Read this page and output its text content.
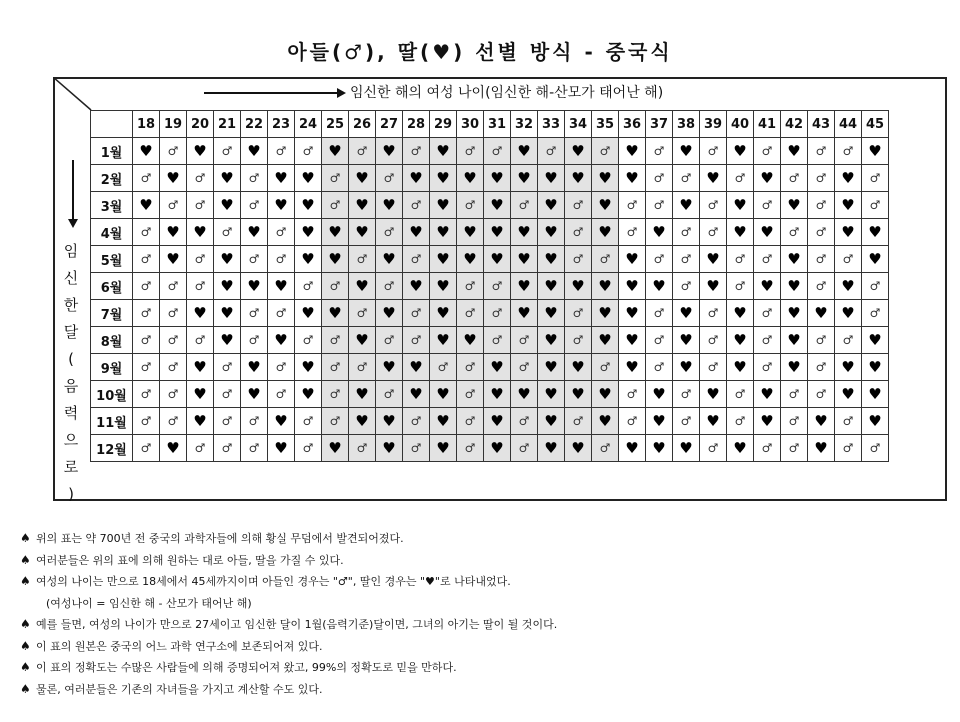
아들(♂), 딸(♥) 선별 방식 - 중국식
임신한 해의 여성 나이(임신한 해-산모가 태어난 해)
임
신
한
달
(
음
력
으
로
)
	18	19	20	21	22	23	24	25	26	27	28	29	30	31	32	33	34	35	36	37	38	39	40	41	42	43	44	45
1월	♥	♂	♥	♂	♥	♂	♂	♥	♂	♥	♂	♥	♂	♂	♥	♂	♥	♂	♥	♂	♥	♂	♥	♂	♥	♂	♂	♥
2월	♂	♥	♂	♥	♂	♥	♥	♂	♥	♂	♥	♥	♥	♥	♥	♥	♥	♥	♥	♂	♂	♥	♂	♥	♂	♂	♥	♂
3월	♥	♂	♂	♥	♂	♥	♥	♂	♥	♥	♂	♥	♂	♥	♂	♥	♂	♥	♂	♂	♥	♂	♥	♂	♥	♂	♥	♂
4월	♂	♥	♥	♂	♥	♂	♥	♥	♥	♂	♥	♥	♥	♥	♥	♥	♂	♥	♂	♥	♂	♂	♥	♥	♂	♂	♥	♥
5월	♂	♥	♂	♥	♂	♂	♥	♥	♂	♥	♂	♥	♥	♥	♥	♥	♂	♂	♥	♂	♂	♥	♂	♂	♥	♂	♂	♥
6월	♂	♂	♂	♥	♥	♥	♂	♂	♥	♂	♥	♥	♂	♂	♥	♥	♥	♥	♥	♥	♂	♥	♂	♥	♥	♂	♥	♂
7월	♂	♂	♥	♥	♂	♂	♥	♥	♂	♥	♂	♥	♂	♂	♥	♥	♂	♥	♥	♂	♥	♂	♥	♂	♥	♥	♥	♂
8월	♂	♂	♂	♥	♂	♥	♂	♂	♥	♂	♂	♥	♥	♂	♂	♥	♂	♥	♥	♂	♥	♂	♥	♂	♥	♂	♂	♥
9월	♂	♂	♥	♂	♥	♂	♥	♂	♂	♥	♥	♂	♂	♥	♂	♥	♥	♂	♥	♂	♥	♂	♥	♂	♥	♂	♥	♥
10월	♂	♂	♥	♂	♥	♂	♥	♂	♥	♂	♥	♥	♂	♥	♥	♥	♥	♥	♂	♥	♂	♥	♂	♥	♂	♂	♥	♥
11월	♂	♂	♥	♂	♂	♥	♂	♂	♥	♥	♂	♥	♂	♥	♂	♥	♂	♥	♂	♥	♂	♥	♂	♥	♂	♥	♂	♥
12월	♂	♥	♂	♂	♂	♥	♂	♥	♂	♥	♂	♥	♂	♥	♂	♥	♥	♂	♥	♥	♥	♂	♥	♂	♂	♥	♂	♂
♠ 위의 표는 약 700년 전 중국의 과학자들에 의해 황실 무덤에서 발견되어졌다.
♠ 여러분들은 위의 표에 의해 원하는 대로 아들, 딸을 가질 수 있다.
♠ 여성의 나이는 만으로 18세에서 45세까지이며 아들인 경우는 "♂", 딸인 경우는 "♥"로 나타내었다.
(여성나이 = 임신한 해 - 산모가 태어난 해)
♠ 예를 들면, 여성의 나이가 만으로 27세이고 임신한 달이 1월(음력기준)달이면, 그녀의 아기는 딸이 될 것이다.
♠ 이 표의 원본은 중국의 어느 과학 연구소에 보존되어져 있다.
♠ 이 표의 정확도는 수많은 사람들에 의해 증명되어져 왔고, 99%의 정확도로 믿을 만하다.
♠ 물론, 여러분들은 기존의 자녀들을 가지고 계산할 수도 있다.
